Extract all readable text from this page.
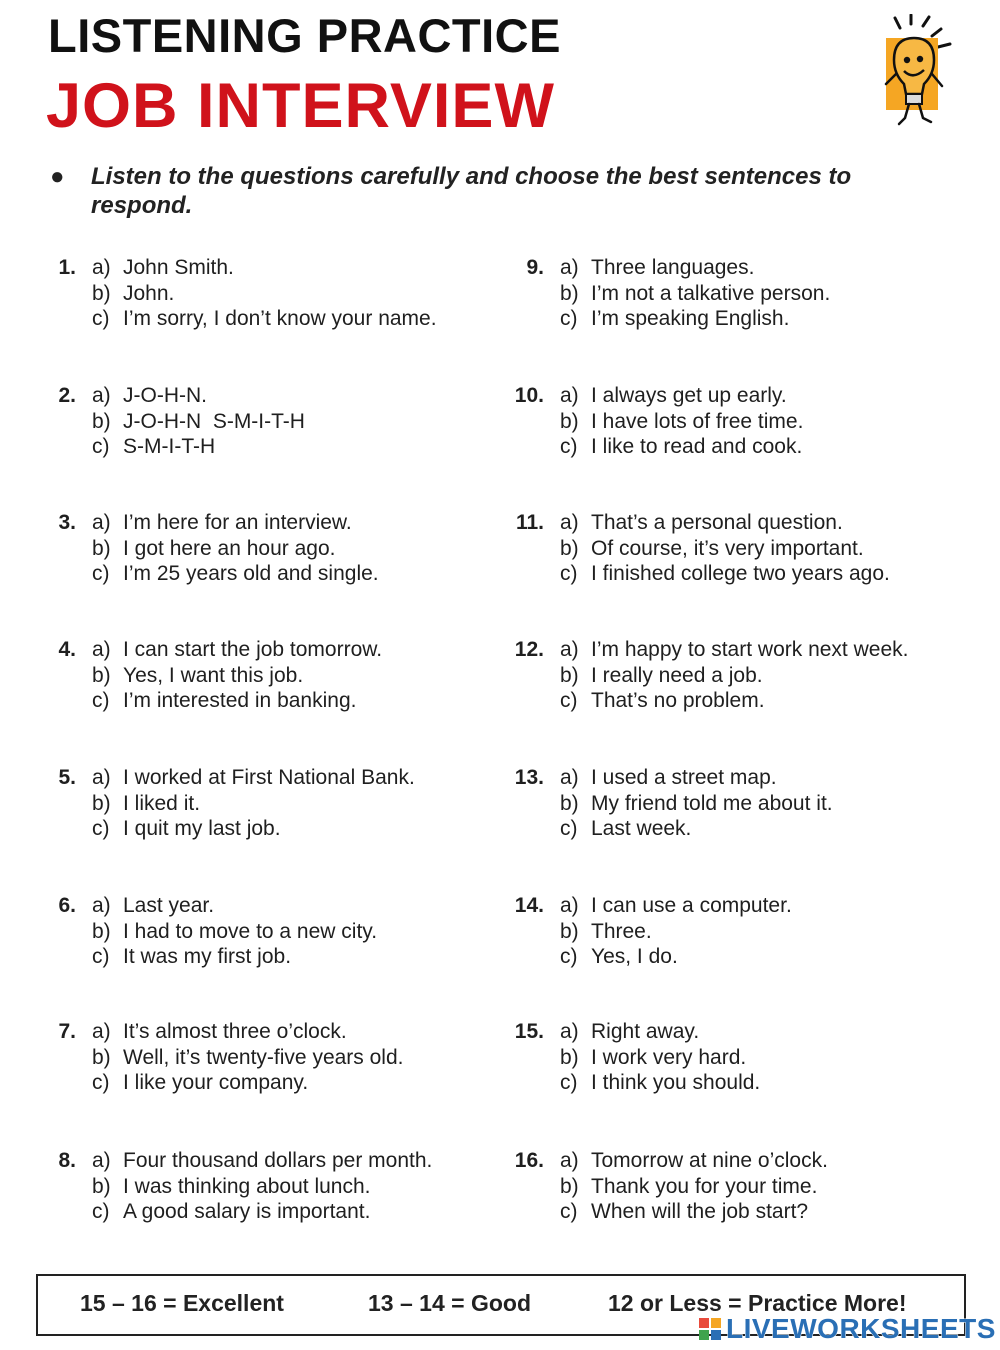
LISTENING PRACTICE
JOB INTERVIEW
●	Listen to the questions carefully and choose the best sentences to respond.
1. a) John Smith.
b) John.
c) I’m sorry, I don’t know your name.
2. a) J-O-H-N.
b) J-O-H-N  S-M-I-T-H
c) S-M-I-T-H
3. a) I’m here for an interview.
b) I got here an hour ago.
c) I’m 25 years old and single.
4. a) I can start the job tomorrow.
b) Yes, I want this job.
c) I’m interested in banking.
5. a) I worked at First National Bank.
b) I liked it.
c) I quit my last job.
6. a) Last year.
b) I had to move to a new city.
c) It was my first job.
7. a) It’s almost three o’clock.
b) Well, it’s twenty-five years old.
c) I like your company.
8. a) Four thousand dollars per month.
b) I was thinking about lunch.
c) A good salary is important.
9. a) Three languages.
b) I’m not a talkative person.
c) I’m speaking English.
10. a) I always get up early.
b) I have lots of free time.
c) I like to read and cook.
11. a) That’s a personal question.
b) Of course, it’s very important.
c) I finished college two years ago.
12. a) I’m happy to start work next week.
b) I really need a job.
c) That’s no problem.
13. a) I used a street map.
b) My friend told me about it.
c) Last week.
14. a) I can use a computer.
b) Three.
c) Yes, I do.
15. a) Right away.
b) I work very hard.
c) I think you should.
16. a) Tomorrow at nine o’clock.
b) Thank you for your time.
c) When will the job start?
15 – 16 = Excellent	13 – 14 = Good	12 or Less = Practice More!
LIVEWORKSHEETS
